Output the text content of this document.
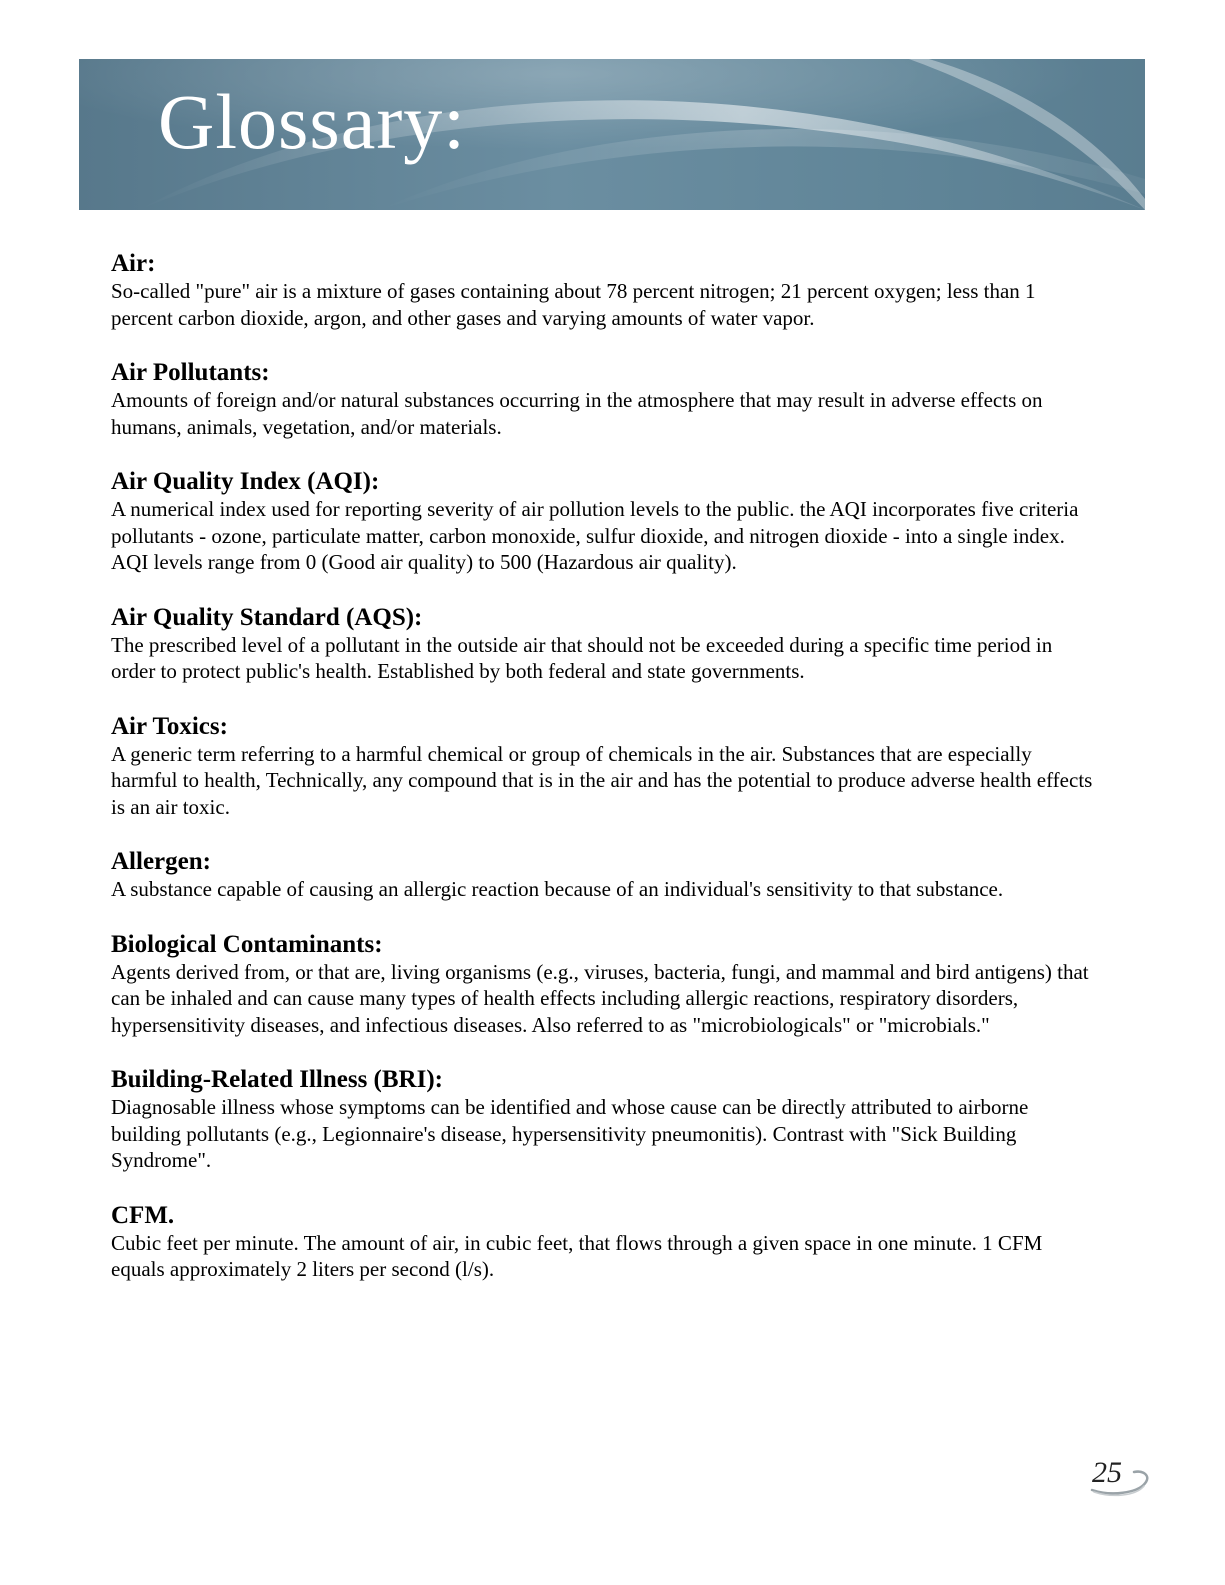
Glossary:

Air:

So-called "pure" air is a mixture of gases containing about 78 percent nitrogen; 21 percent oxygen; less than 1 percent carbon dioxide, argon, and other gases and varying amounts of water vapor.

Air Pollutants:

Amounts of foreign and/or natural substances occurring in the atmosphere that may result in adverse effects on humans, animals, vegetation, and/or materials.

Air Quality Index (AQI):

A numerical index used for reporting severity of air pollution levels to the public. the AQI incorporates five criteria pollutants - ozone, particulate matter, carbon monoxide, sulfur dioxide, and nitrogen dioxide - into a single index. AQI levels range from 0 (Good air quality) to 500 (Hazardous air quality).

Air Quality Standard (AQS):

The prescribed level of a pollutant in the outside air that should not be exceeded during a specific time period in order to protect public's health. Established by both federal and state governments.

Air Toxics:

A generic term referring to a harmful chemical or group of chemicals in the air. Substances that are especially harmful to health, Technically, any compound that is in the air and has the potential to produce adverse health effects is an air toxic.

Allergen:

A substance capable of causing an allergic reaction because of an individual's sensitivity to that substance.

Biological Contaminants:

Agents derived from, or that are, living organisms (e.g., viruses, bacteria, fungi, and mammal and bird antigens) that can be inhaled and can cause many types of health effects including allergic reactions, respiratory disorders, hypersensitivity diseases, and infectious diseases. Also referred to as "microbiologicals" or "microbials."

Building-Related Illness (BRI):

Diagnosable illness whose symptoms can be identified and whose cause can be directly attributed to airborne building pollutants (e.g., Legionnaire's disease, hypersensitivity pneumonitis). Contrast with "Sick Building Syndrome".

CFM.

Cubic feet per minute. The amount of air, in cubic feet, that flows through a given space in one minute. 1 CFM equals approximately 2 liters per second (l/s).

25
